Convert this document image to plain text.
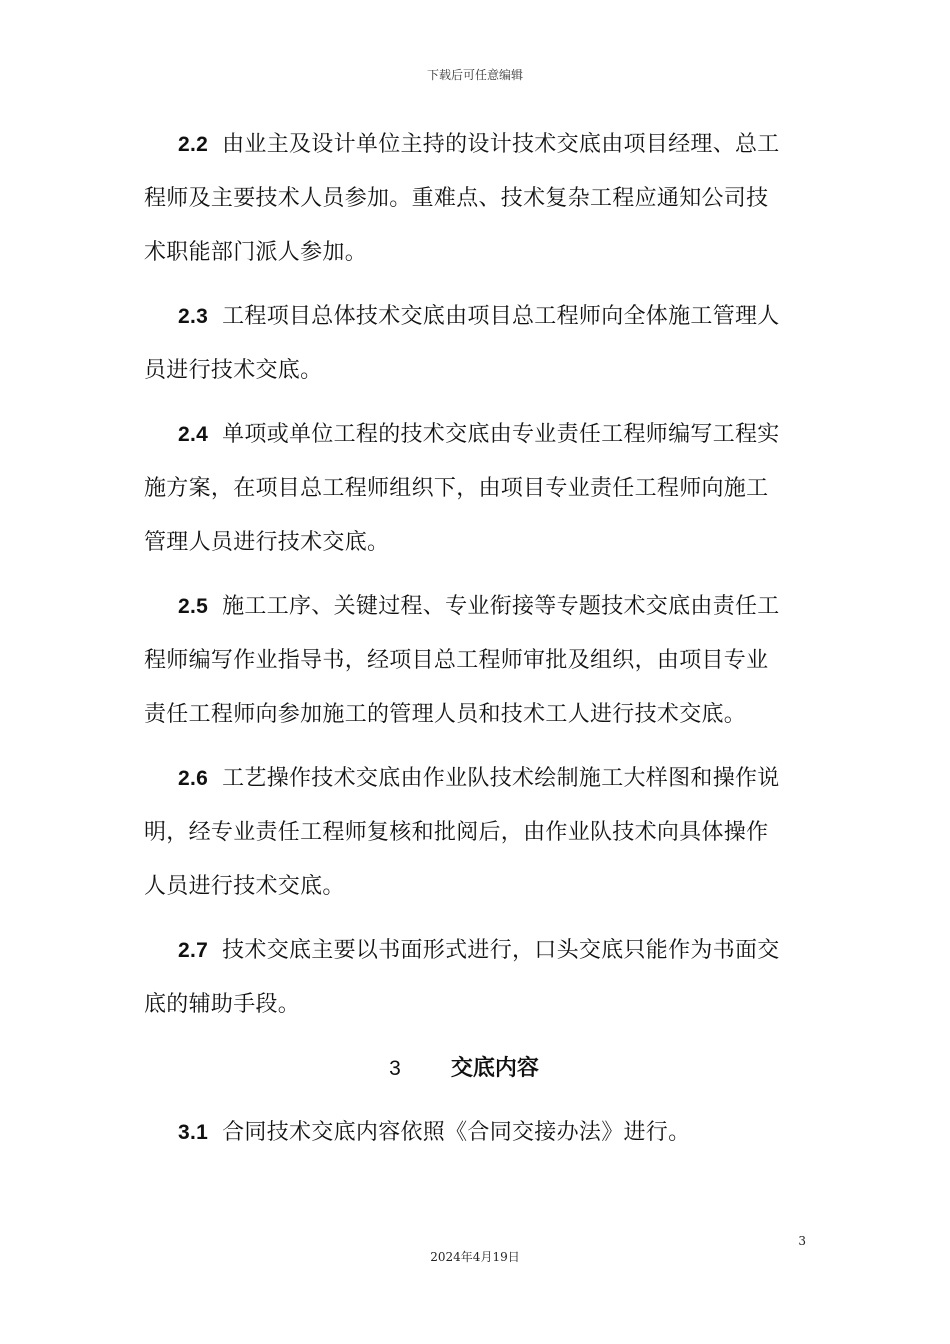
下载后可任意编辑

2.2 由业主及设计单位主持的设计技术交底由项目经理、总工程师及主要技术人员参加。重难点、技术复杂工程应通知公司技术职能部门派人参加。

2.3 工程项目总体技术交底由项目总工程师向全体施工管理人员进行技术交底。

2.4 单项或单位工程的技术交底由专业责任工程师编写工程实施方案，在项目总工程师组织下，由项目专业责任工程师向施工管理人员进行技术交底。

2.5 施工工序、关键过程、专业衔接等专题技术交底由责任工程师编写作业指导书，经项目总工程师审批及组织，由项目专业责任工程师向参加施工的管理人员和技术工人进行技术交底。

2.6 工艺操作技术交底由作业队技术绘制施工大样图和操作说明，经专业责任工程师复核和批阅后，由作业队技术向具体操作人员进行技术交底。

2.7 技术交底主要以书面形式进行，口头交底只能作为书面交底的辅助手段。

3 交底内容

3.1 合同技术交底内容依照《合同交接办法》进行。

3
2024年4月19日
